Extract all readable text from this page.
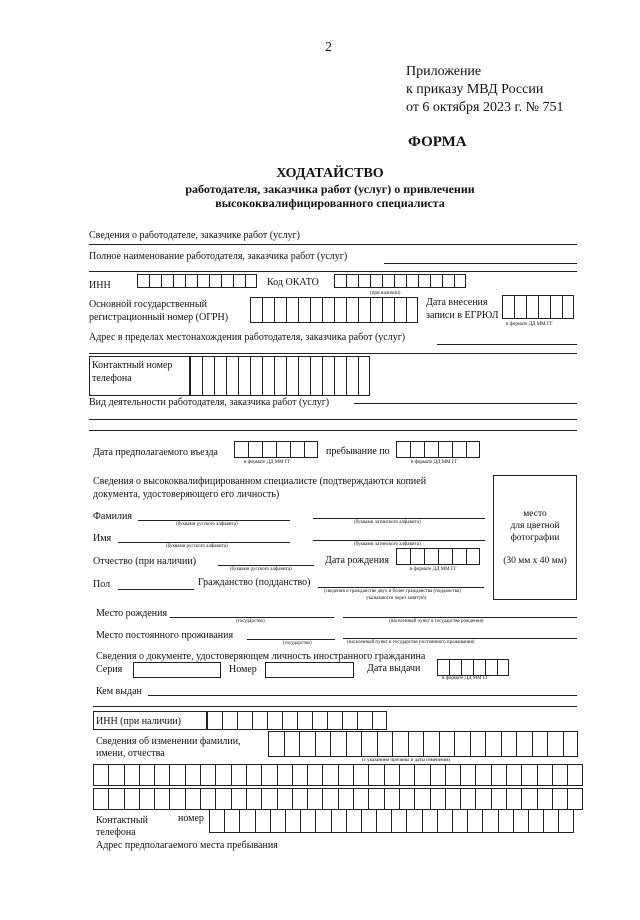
2
Приложение
к приказу МВД России
от 6 октября 2023 г. № 751
ФОРМА
ХОДАТАЙСТВО
работодателя, заказчика работ (услуг) о привлечении
высококвалифицированного специалиста
Сведения о работодателе, заказчике работ (услуг)
Полное наименование работодателя, заказчика работ (услуг)
ИНН	Код ОКАТО
(при наличии)
Основной государственный
регистрационный номер (ОГРН)
Дата внесения
записи в ЕГРЮЛ
в формате ДД ММ ГГ
Адрес в пределах местонахождения работодателя, заказчика работ (услуг)
Контактный номер
телефона
Вид деятельности работодателя, заказчика работ (услуг)
Дата предполагаемого въезда
в формате ДД ММ ГГ
пребывание по
в формате ДД ММ ГГ
Сведения о высококвалифицированном специалисте (подтверждаются копией
документа, удостоверяющего его личность)
место
для цветной
фотографии
(30 мм х 40 мм)
Фамилия
(буквами русского алфавита)	(буквами латинского алфавита)
Имя
(буквами русского алфавита)	(буквами латинского алфавита)
Отчество (при наличии)
(буквами русского алфавита)
Дата рождения
в формате ДД ММ ГГ
Пол	Гражданство (подданство)
(сведения о гражданстве двух и более гражданства (подданства)
указываются через запятую)
Место рождения
(государство)	(населенный пункт в государстве рождения)
Место постоянного проживания
(государство)	(населенный пункт в государстве постоянного проживания)
Сведения о документе, удостоверяющем личность иностранного гражданина
Серия	Номер	Дата выдачи
в формате ДД ММ ГГ
Кем выдан
ИНН (при наличии)
Сведения об изменении фамилии,
имени, отчества
(с указанием причины и даты изменения)
Контактный	номер
телефона
Адрес предполагаемого места пребывания
